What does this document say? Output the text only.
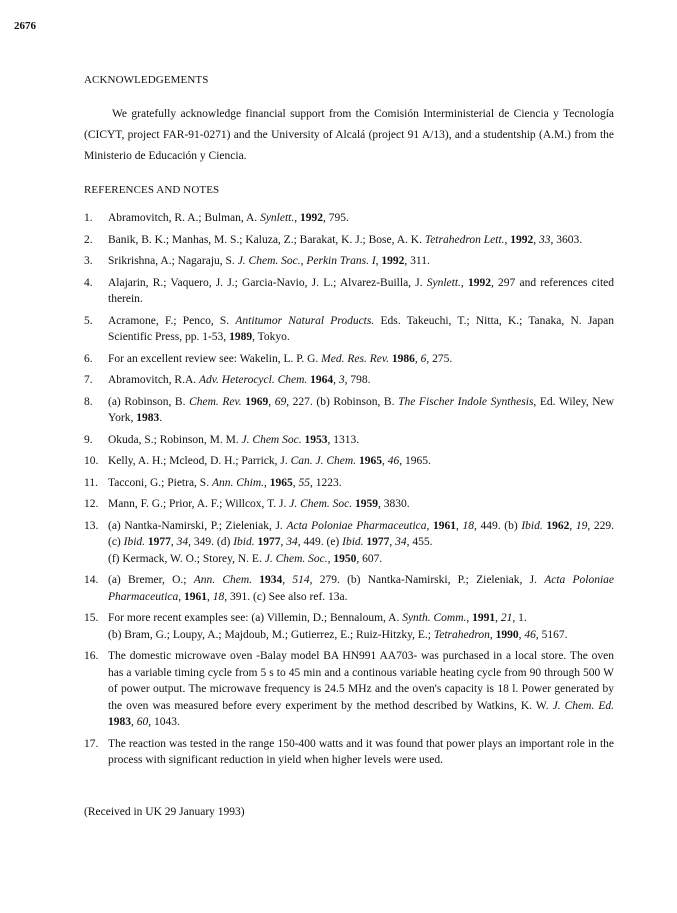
2676
ACKNOWLEDGEMENTS
We gratefully acknowledge financial support from the Comisión Interministerial de Ciencia y Tecnología (CICYT, project FAR-91-0271) and the University of Alcalá (project 91 A/13), and a studentship (A.M.) from the Ministerio de Educación y Ciencia.
REFERENCES AND NOTES
1. Abramovitch, R. A.; Bulman, A. Synlett., 1992, 795.
2. Banik, B. K.; Manhas, M. S.; Kaluza, Z.; Barakat, K. J.; Bose, A. K. Tetrahedron Lett., 1992, 33, 3603.
3. Srikrishna, A.; Nagaraju, S. J. Chem. Soc., Perkin Trans. I, 1992, 311.
4. Alajarin, R.; Vaquero, J. J.; Garcia-Navio, J. L.; Alvarez-Builla, J. Synlett., 1992, 297 and references cited therein.
5. Acramone, F.; Penco, S. Antitumor Natural Products. Eds. Takeuchi, T.; Nitta, K.; Tanaka, N. Japan Scientific Press, pp. 1-53, 1989, Tokyo.
6. For an excellent review see: Wakelin, L. P. G. Med. Res. Rev. 1986, 6, 275.
7. Abramovitch, R.A. Adv. Heterocycl. Chem. 1964, 3, 798.
8. (a) Robinson, B. Chem. Rev. 1969, 69, 227. (b) Robinson, B. The Fischer Indole Synthesis, Ed. Wiley, New York, 1983.
9. Okuda, S.; Robinson, M. M. J. Chem Soc. 1953, 1313.
10. Kelly, A. H.; Mcleod, D. H.; Parrick, J. Can. J. Chem. 1965, 46, 1965.
11. Tacconi, G.; Pietra, S. Ann. Chim., 1965, 55, 1223.
12. Mann, F. G.; Prior, A. F.; Willcox, T. J. J. Chem. Soc. 1959, 3830.
13. (a) Nantka-Namirski, P.; Zieleniak, J. Acta Poloniae Pharmaceutica, 1961, 18, 449. (b) Ibid. 1962, 19, 229. (c) Ibid. 1977, 34, 349. (d) Ibid. 1977, 34, 449. (e) Ibid. 1977, 34, 455.
(f) Kermack, W. O.; Storey, N. E. J. Chem. Soc., 1950, 607.
14. (a) Bremer, O.; Ann. Chem. 1934, 514, 279. (b) Nantka-Namirski, P.; Zieleniak, J. Acta Poloniae Pharmaceutica, 1961, 18, 391. (c) See also ref. 13a.
15. For more recent examples see: (a) Villemin, D.; Bennaloum, A. Synth. Comm., 1991, 21, 1.
(b) Bram, G.; Loupy, A.; Majdoub, M.; Gutierrez, E.; Ruiz-Hitzky, E.; Tetrahedron, 1990, 46, 5167.
16. The domestic microwave oven -Balay model BA HN991 AA703- was purchased in a local store. The oven has a variable timing cycle from 5 s to 45 min and a continous variable heating cycle from 90 through 500 W of power output. The microwave frequency is 24.5 MHz and the oven's capacity is 18 l. Power generated by the oven was measured before every experiment by the method described by Watkins, K. W. J. Chem. Ed. 1983, 60, 1043.
17. The reaction was tested in the range 150-400 watts and it was found that power plays an important role in the process with significant reduction in yield when higher levels were used.
(Received in UK 29 January 1993)
